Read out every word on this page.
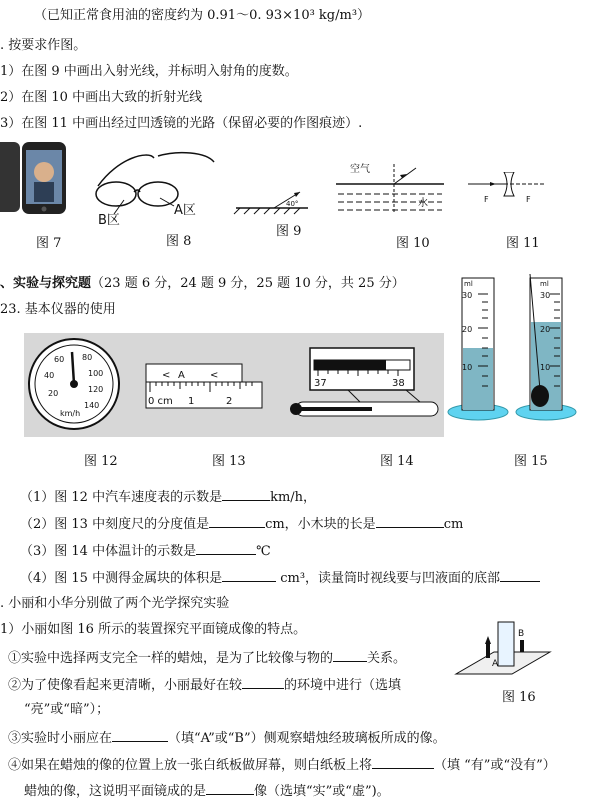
（已知正常食用油的密度约为 0.91～0. 93×10³ kg/m³）
. 按要求作图。
1）在图 9 中画出入射光线，并标明入射角的度数。
2）在图 10 中画出大致的折射光线
3）在图 11 中画出经过凹透镜的光路（保留必要的作图痕迹）.
图 7
B区
A区
图 8
40°
图 9
空气
水
图 10
F	F
图 11
、实验与探究题（23 题 6 分，24 题 9 分，25 题 10 分，共 25 分）
23. 基本仪器的使用
20
40
60 80
100
120
140
km/h
A
<	<
0 cm 1	2
37	38
ml
30
20
10
ml
30
20
10
图 12	图 13	图 14	图 15
（1）图 12 中汽车速度表的示数是	km/h，
（2）图 13 中刻度尺的分度值是	cm，小木块的长是	cm
（3）图 14 中体温计的示数是	℃
（4）图 15 中测得金属块的体积是	cm³，读量筒时视线要与凹液面的底部
. 小丽和小华分别做了两个光学探究实验
1）小丽如图 16 所示的装置探究平面镜成像的特点。
①实验中选择两支完全一样的蜡烛，是为了比较像与物的	关系。
②为了使像看起来更清晰，小丽最好在较	的环境中进行（选填
“亮”或“暗”）；
③实验时小丽应在	（填“A”或“B”）侧观察蜡烛经玻璃板所成的像。
④如果在蜡烛的像的位置上放一张白纸板做屏幕，则白纸板上将	（填 “有”或“没有”）
蜡烛的像，这说明平面镜成的是	像（选填“实”或“虚”)。
A
B
图 16
